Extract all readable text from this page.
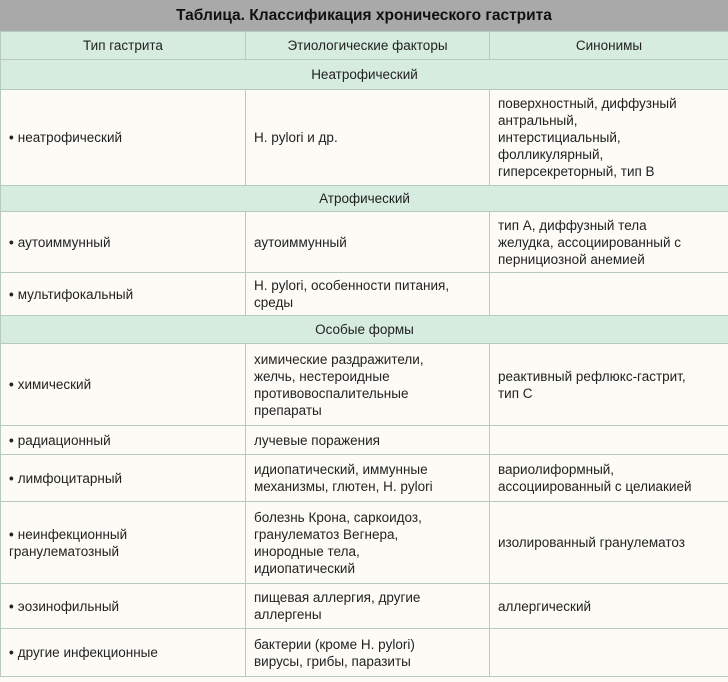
Таблица. Классификация хронического гастрита
Тип гастрита	Этиологические факторы	Синонимы
Неатрофический		
• неатрофический	H. pylori и др.	поверхностный, диффузный
антральный,
интерстициальный,
фолликулярный,
гиперсекреторный, тип B

Атрофический		
• аутоиммунный	аутоиммунный	тип A, диффузный тела
желудка, ассоциированный с
пернициозной анемией

• мультифокальный	H. pylori, особенности питания,
среды	

Особые формы		
• химический	химические раздражители,
желчь, нестероидные
противовоспалительные
препараты	реактивный рефлюкс-гастрит,
тип C

• радиационный	лучевые поражения	

• лимфоцитарный	идиопатический, иммунные
механизмы, глютен, H. pylori	вариолиформный,
ассоциированный с целиакией

• неинфекционный
гранулематозный	болезнь Крона, саркоидоз,
гранулематоз Вегнера,
инородные тела,
идиопатический	изолированный гранулематоз

• эозинофильный	пищевая аллергия, другие
аллергены	аллергический

• другие инфекционные	бактерии (кроме H. pylori)
вирусы, грибы, паразиты	
